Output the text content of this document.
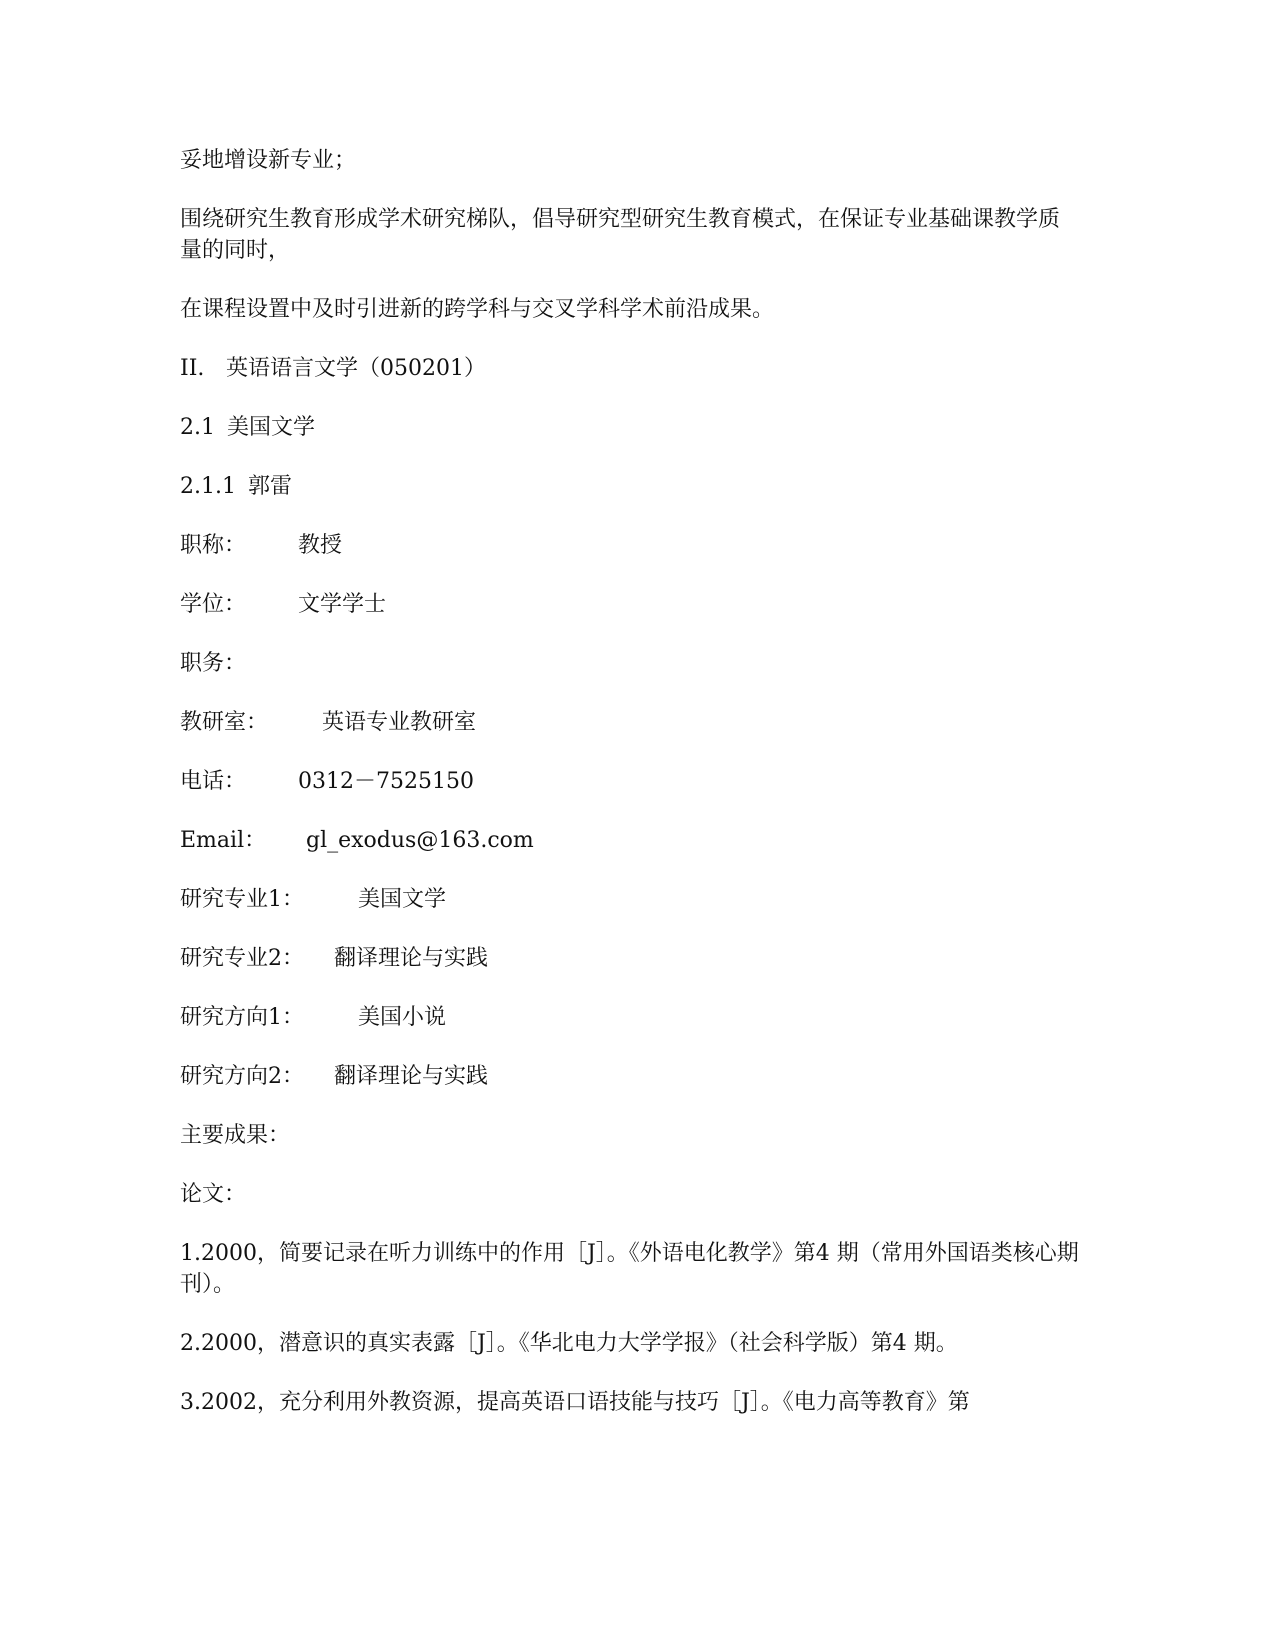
妥地增设新专业；

围绕研究生教育形成学术研究梯队，倡导研究型研究生教育模式，在保证专业基础课教学质量的同时，

在课程设置中及时引进新的跨学科与交叉学科学术前沿成果。

II. 英语语言文学（050201）
2.1 美国文学
2.1.1 郭雷
职称： 教授
学位： 文学学士
职务：
教研室： 英语专业教研室
电话： 0312－7525150
Email： gl_exodus@163.com
研究专业1： 美国文学
研究专业2： 翻译理论与实践
研究方向1： 美国小说
研究方向2： 翻译理论与实践
主要成果：
论文：

1.2000，简要记录在听力训练中的作用［J］。《外语电化教学》第4 期（常用外国语类核心期刊）。

2.2000，潜意识的真实表露［J］。《华北电力大学学报》（社会科学版）第4 期。

3.2002，充分利用外教资源，提高英语口语技能与技巧［J］。《电力高等教育》第
